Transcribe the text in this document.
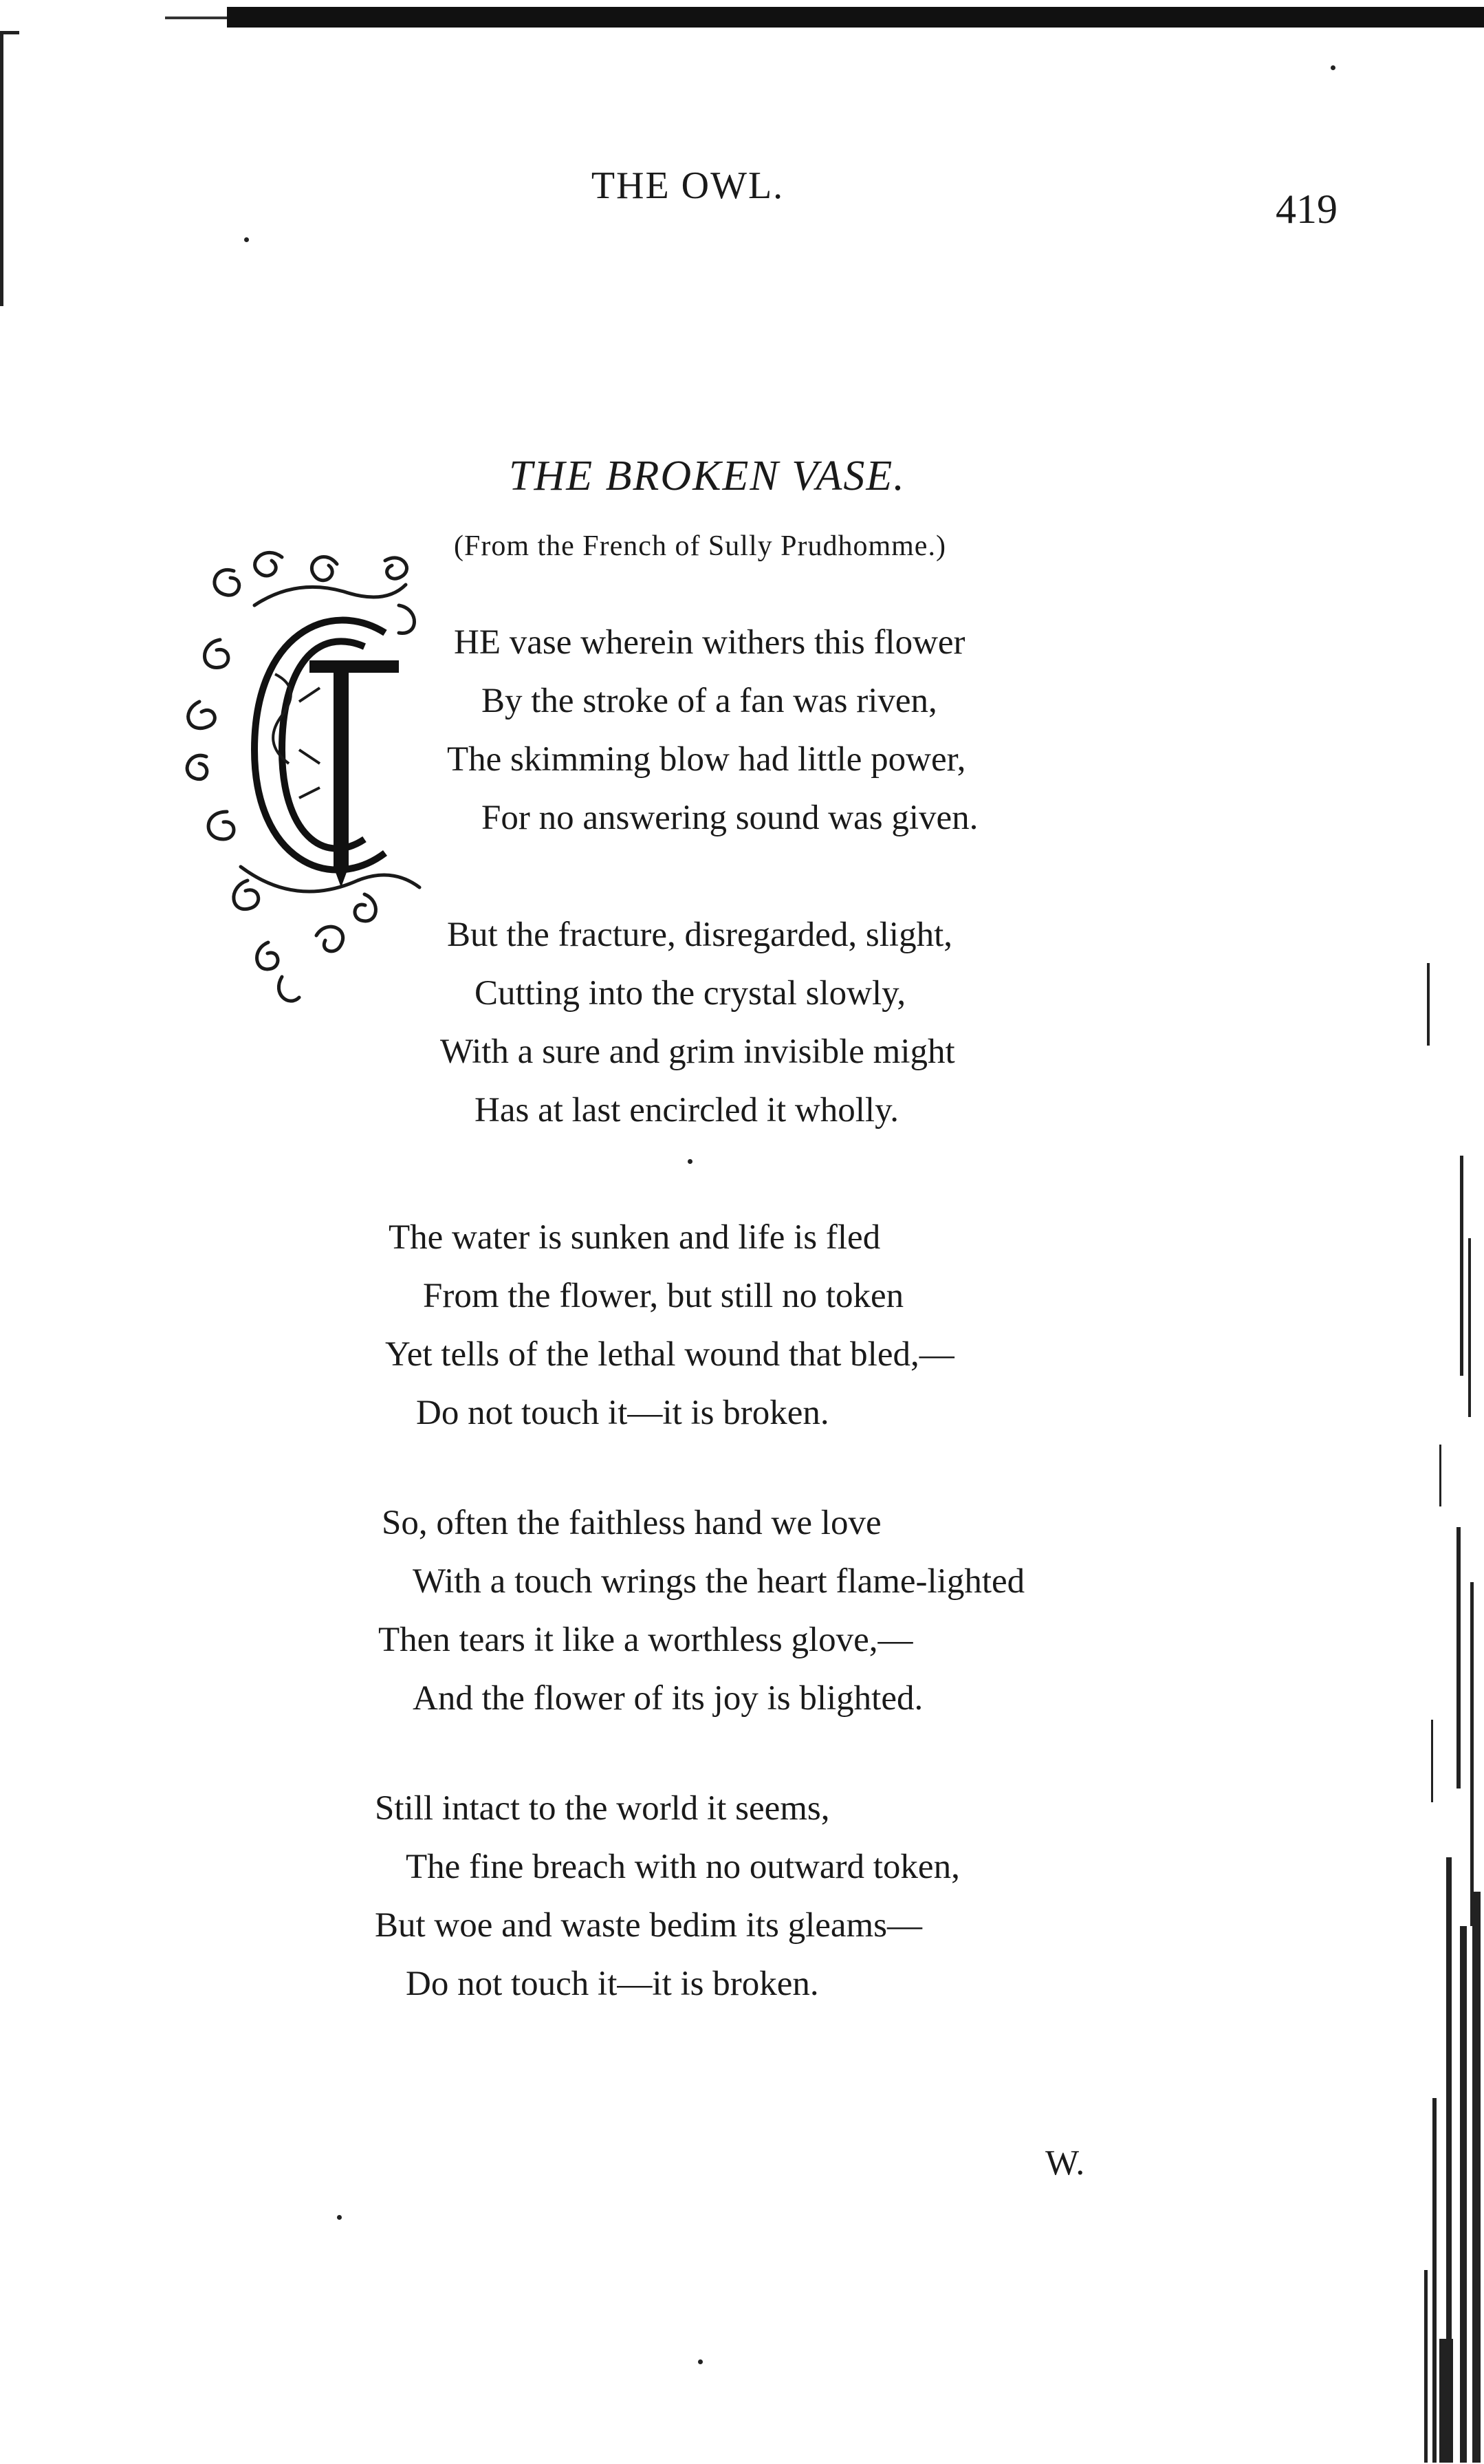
THE OWL.
419
THE BROKEN VASE.
(From the French of Sully Prudhomme.)
HE vase wherein withers this flower
By the stroke of a fan was riven,
The skimming blow had little power,
For no answering sound was given.
But the fracture, disregarded, slight,
Cutting into the crystal slowly,
With a sure and grim invisible might
Has at last encircled it wholly.
The water is sunken and life is fled
From the flower, but still no token
Yet tells of the lethal wound that bled,—
Do not touch it—it is broken.
So, often the faithless hand we love
With a touch wrings the heart flame-lighted
Then tears it like a worthless glove,—
And the flower of its joy is blighted.
Still intact to the world it seems,
The fine breach with no outward token,
But woe and waste bedim its gleams—
Do not touch it—it is broken.
W.
